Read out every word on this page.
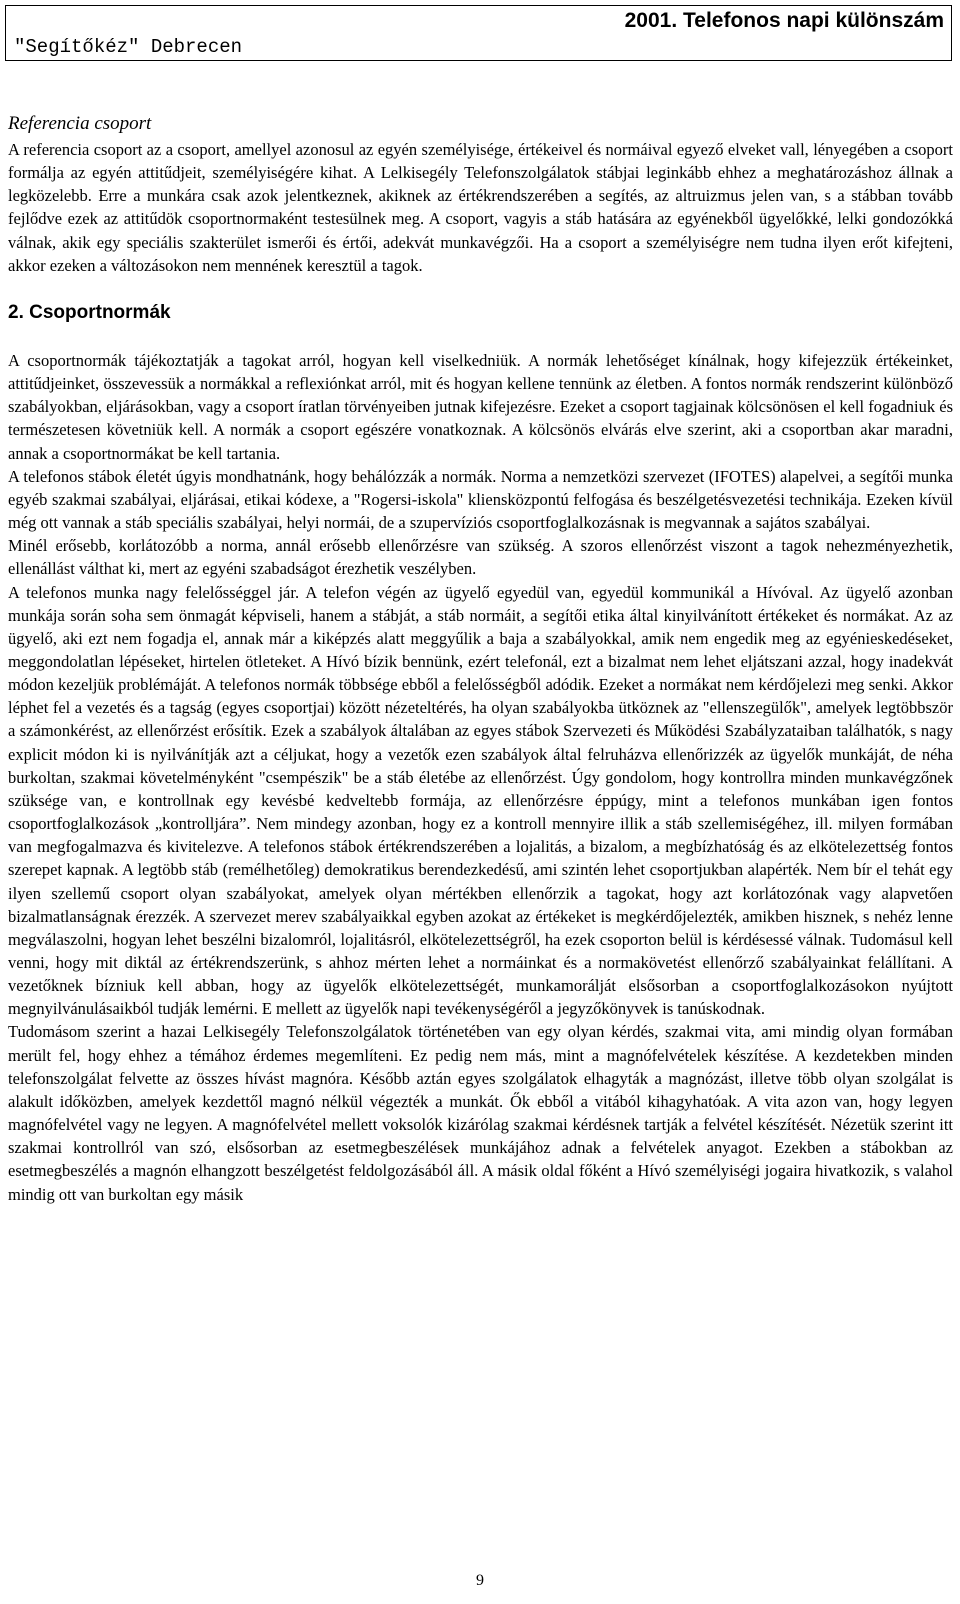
"Segítőkéz" Debrecen
2001. Telefonos napi különszám
Referencia csoport

A referencia csoport az a csoport, amellyel azonosul az egyén személyisége, értékeivel és normáival egyező elveket vall, lényegében a csoport formálja az egyén attitűdjeit, személyiségére kihat. A Lelkisegély Telefonszolgálatok stábjai leginkább ehhez a meghatározáshoz állnak a legközelebb. Erre a munkára csak azok jelentkeznek, akiknek az értékrendszerében a segítés, az altruizmus jelen van, s a stábban tovább fejlődve ezek az attitűdök csoportnormaként testesülnek meg. A csoport, vagyis a stáb hatására az egyénekből ügyelőkké, lelki gondozókká válnak, akik egy speciális szakterület ismerői és értői, adekvát munkavégzői. Ha a csoport a személyiségre nem tudna ilyen erőt kifejteni, akkor ezeken a változásokon nem mennének keresztül a tagok.

2. Csoportnormák

A csoportnormák tájékoztatják a tagokat arról, hogyan kell viselkedniük. A normák lehetőséget kínálnak, hogy kifejezzük értékeinket, attitűdjeinket, összevessük a normákkal a reflexiónkat arról, mit és hogyan kellene tennünk az életben. A fontos normák rendszerint különböző szabályokban, eljárásokban, vagy a csoport íratlan törvényeiben jutnak kifejezésre. Ezeket a csoport tagjainak kölcsönösen el kell fogadniuk és természetesen követniük kell. A normák a csoport egészére vonatkoznak. A kölcsönös elvárás elve szerint, aki a csoportban akar maradni, annak a csoportnormákat be kell tartania.

A telefonos stábok életét úgyis mondhatnánk, hogy behálózzák a normák. Norma a nemzetközi szervezet (IFOTES) alapelvei, a segítői munka egyéb szakmai szabályai, eljárásai, etikai kódexe, a "Rogersi-iskola" kliensközpontú felfogása és beszélgetésvezetési technikája. Ezeken kívül még ott vannak a stáb speciális szabályai, helyi normái, de a szupervíziós csoportfoglalkozásnak is megvannak a sajátos szabályai.

Minél erősebb, korlátozóbb a norma, annál erősebb ellenőrzésre van szükség. A szoros ellenőrzést viszont a tagok nehezményezhetik, ellenállást válthat ki, mert az egyéni szabadságot érezhetik veszélyben.

A telefonos munka nagy felelősséggel jár. A telefon végén az ügyelő egyedül van, egyedül kommunikál a Hívóval. Az ügyelő azonban munkája során soha sem önmagát képviseli, hanem a stábját, a stáb normáit, a segítői etika által kinyilvánított értékeket és normákat. Az az ügyelő, aki ezt nem fogadja el, annak már a kiképzés alatt meggyűlik a baja a szabályokkal, amik nem engedik meg az egyénieskedéseket, meggondolatlan lépéseket, hirtelen ötleteket. A Hívó bízik bennünk, ezért telefonál, ezt a bizalmat nem lehet eljátszani azzal, hogy inadekvát módon kezeljük problémáját. A telefonos normák többsége ebből a felelősségből adódik. Ezeket a normákat nem kérdőjelezi meg senki. Akkor léphet fel a vezetés és a tagság (egyes csoportjai) között nézeteltérés, ha olyan szabályokba ütköznek az "ellenszegülők", amelyek legtöbbször a számonkérést, az ellenőrzést erősítik. Ezek a szabályok általában az egyes stábok Szervezeti és Működési Szabályzataiban találhatók, s nagy explicit módon ki is nyilvánítják azt a céljukat, hogy a vezetők ezen szabályok által felruházva ellenőrizzék az ügyelők munkáját, de néha burkoltan, szakmai követelményként "csempészik" be a stáb életébe az ellenőrzést. Úgy gondolom, hogy kontrollra minden munkavégzőnek szüksége van, e kontrollnak egy kevésbé kedveltebb formája, az ellenőrzésre éppúgy, mint a telefonos munkában igen fontos csoportfoglalkozások „kontrolljára”. Nem mindegy azonban, hogy ez a kontroll mennyire illik a stáb szellemiségéhez, ill. milyen formában van megfogalmazva és kivitelezve. A telefonos stábok értékrendszerében a lojalitás, a bizalom, a megbízhatóság és az elkötelezettség fontos szerepet kapnak. A legtöbb stáb (remélhetőleg) demokratikus berendezkedésű, ami szintén lehet csoportjukban alapérték. Nem bír el tehát egy ilyen szellemű csoport olyan szabályokat, amelyek olyan mértékben ellenőrzik a tagokat, hogy azt korlátozónak vagy alapvetően bizalmatlanságnak érezzék. A szervezet merev szabályaikkal egyben azokat az értékeket is megkérdőjelezték, amikben hisznek, s nehéz lenne megválaszolni, hogyan lehet beszélni bizalomról, lojalitásról, elkötelezettségről, ha ezek csoporton belül is kérdésessé válnak. Tudomásul kell venni, hogy mit diktál az értékrendszerünk, s ahhoz mérten lehet a normáinkat és a normakövetést ellenőrző szabályainkat felállítani. A vezetőknek bízniuk kell abban, hogy az ügyelők elkötelezettségét, munkamorálját elsősorban a csoportfoglalkozásokon nyújtott megnyilvánulásaikból tudják lemérni. E mellett az ügyelők napi tevékenységéről a jegyzőkönyvek is tanúskodnak.

Tudomásom szerint a hazai Lelkisegély Telefonszolgálatok történetében van egy olyan kérdés, szakmai vita, ami mindig olyan formában merült fel, hogy ehhez a témához érdemes megemlíteni. Ez pedig nem más, mint a magnófelvételek készítése. A kezdetekben minden telefonszolgálat felvette az összes hívást magnóra. Később aztán egyes szolgálatok elhagyták a magnózást, illetve több olyan szolgálat is alakult időközben, amelyek kezdettől magnó nélkül végezték a munkát. Ők ebből a vitából kihagyhatóak. A vita azon van, hogy legyen magnófelvétel vagy ne legyen. A magnófelvétel mellett voksolók kizárólag szakmai kérdésnek tartják a felvétel készítését. Nézetük szerint itt szakmai kontrollról van szó, elsősorban az esetmegbeszélések munkájához adnak a felvételek anyagot. Ezekben a stábokban az esetmegbeszélés a magnón elhangzott beszélgetést feldolgozásából áll. A másik oldal főként a Hívó személyiségi jogaira hivatkozik, s valahol mindig ott van burkoltan egy másik

9
